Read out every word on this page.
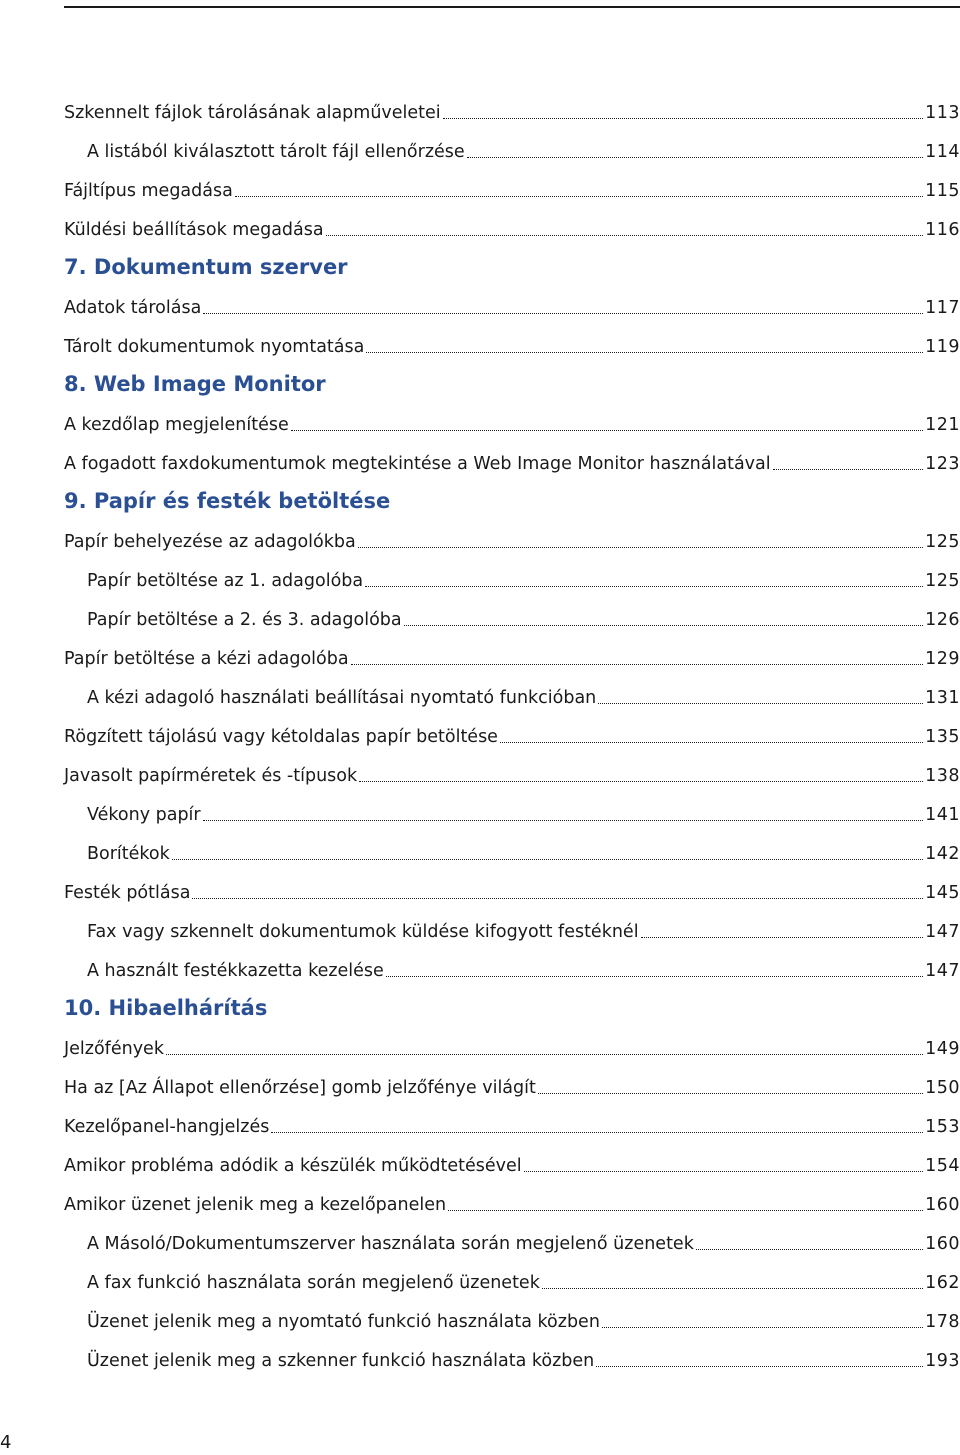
Szkennelt fájlok tárolásának alapműveletei	113
A listából kiválasztott tárolt fájl ellenőrzése	114
Fájltípus megadása	115
Küldési beállítások megadása	116
7. Dokumentum szerver
Adatok tárolása	117
Tárolt dokumentumok nyomtatása	119
8. Web Image Monitor
A kezdőlap megjelenítése	121
A fogadott faxdokumentumok megtekintése a Web Image Monitor használatával	123
9. Papír és festék betöltése
Papír behelyezése az adagolókba	125
Papír betöltése az 1. adagolóba	125
Papír betöltése a 2. és 3. adagolóba	126
Papír betöltése a kézi adagolóba	129
A kézi adagoló használati beállításai nyomtató funkcióban	131
Rögzített tájolású vagy kétoldalas papír betöltése	135
Javasolt papírméretek és -típusok	138
Vékony papír	141
Borítékok	142
Festék pótlása	145
Fax vagy szkennelt dokumentumok küldése kifogyott festéknél	147
A használt festékkazetta kezelése	147
10. Hibaelhárítás
Jelzőfények	149
Ha az [Az Állapot ellenőrzése] gomb jelzőfénye világít	150
Kezelőpanel-hangjelzés	153
Amikor probléma adódik a készülék működtetésével	154
Amikor üzenet jelenik meg a kezelőpanelen	160
A Másoló/Dokumentumszerver használata során megjelenő üzenetek	160
A fax funkció használata során megjelenő üzenetek	162
Üzenet jelenik meg a nyomtató funkció használata közben	178
Üzenet jelenik meg a szkenner funkció használata közben	193
4
